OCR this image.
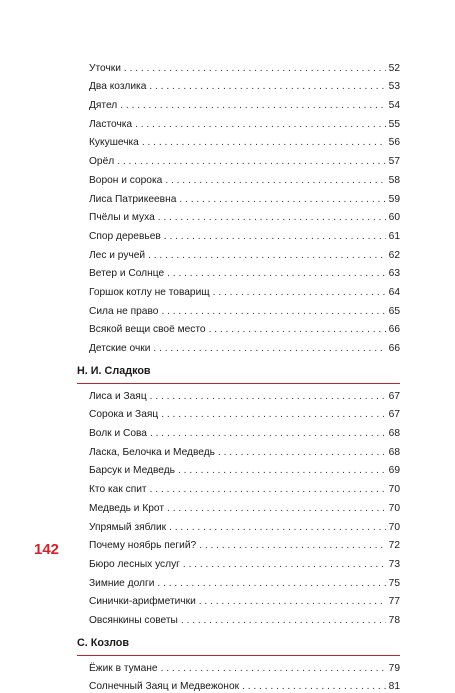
Уточки . . .	52
Два козлика . . .	53
Дятел . . .	54
Ласточка . . .	55
Кукушечка . . .	56
Орёл . . .	57
Ворон и сорока . . .	58
Лиса Патрикеевна . . .	59
Пчёлы и муха . . .	60
Спор деревьев . . .	61
Лес и ручей . . .	62
Ветер и Солнце . . .	63
Горшок котлу не товарищ . . .	64
Сила не право . . .	65
Всякой вещи своё место . . .	66
Детские очки . . .	66
Н. И. Сладков
Лиса и Заяц . . .	67
Сорока и Заяц . . .	67
Волк и Сова . . .	68
Ласка, Белочка и Медведь . . .	68
Барсук и Медведь . . .	69
Кто как спит . . .	70
Медведь и Крот . . .	70
Упрямый зяблик . . .	70
Почему ноябрь пегий? . . .	72
Бюро лесных услуг . . .	73
Зимние долги . . .	75
Синички-арифметички . . .	77
Овсянкины советы . . .	78
С. Козлов
Ёжик в тумане . . .	79
Солнечный Заяц и Медвежонок . . .	81
142
